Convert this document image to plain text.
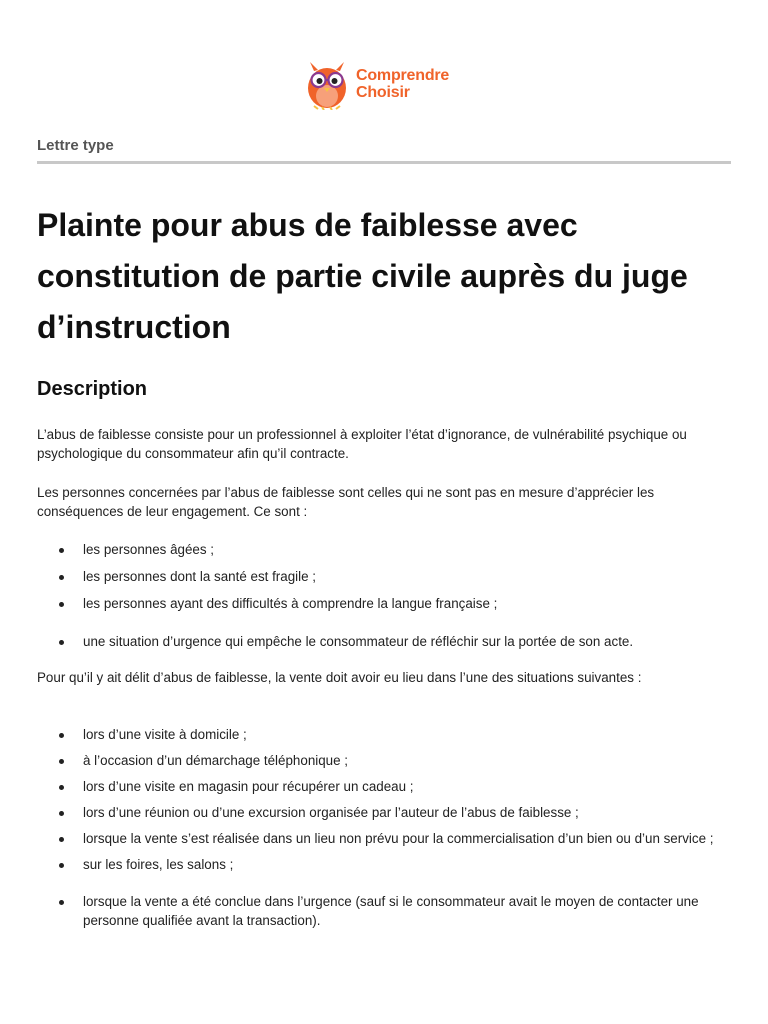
Comprendre
Choisir
Lettre type
Plainte pour abus de faiblesse avec constitution de partie civile auprès du juge d’instruction
Description

L’abus de faiblesse consiste pour un professionnel à exploiter l’état d’ignorance, de vulnérabilité psychique ou psychologique du consommateur afin qu’il contracte.

Les personnes concernées par l’abus de faiblesse sont celles qui ne sont pas en mesure d’apprécier les conséquences de leur engagement. Ce sont :

les personnes âgées ;
les personnes dont la santé est fragile ;
les personnes ayant des difficultés à comprendre la langue française ;
une situation d’urgence qui empêche le consommateur de réfléchir sur la portée de son acte.

Pour qu’il y ait délit d’abus de faiblesse, la vente doit avoir eu lieu dans l’une des situations suivantes :

lors d’une visite à domicile ;
à l’occasion d’un démarchage téléphonique ;
lors d’une visite en magasin pour récupérer un cadeau ;
lors d’une réunion ou d’une excursion organisée par l’auteur de l’abus de faiblesse ;
lorsque la vente s’est réalisée dans un lieu non prévu pour la commercialisation d’un bien ou d’un service ;
sur les foires, les salons ;
lorsque la vente a été conclue dans l’urgence (sauf si le consommateur avait le moyen de contacter une personne qualifiée avant la transaction).
